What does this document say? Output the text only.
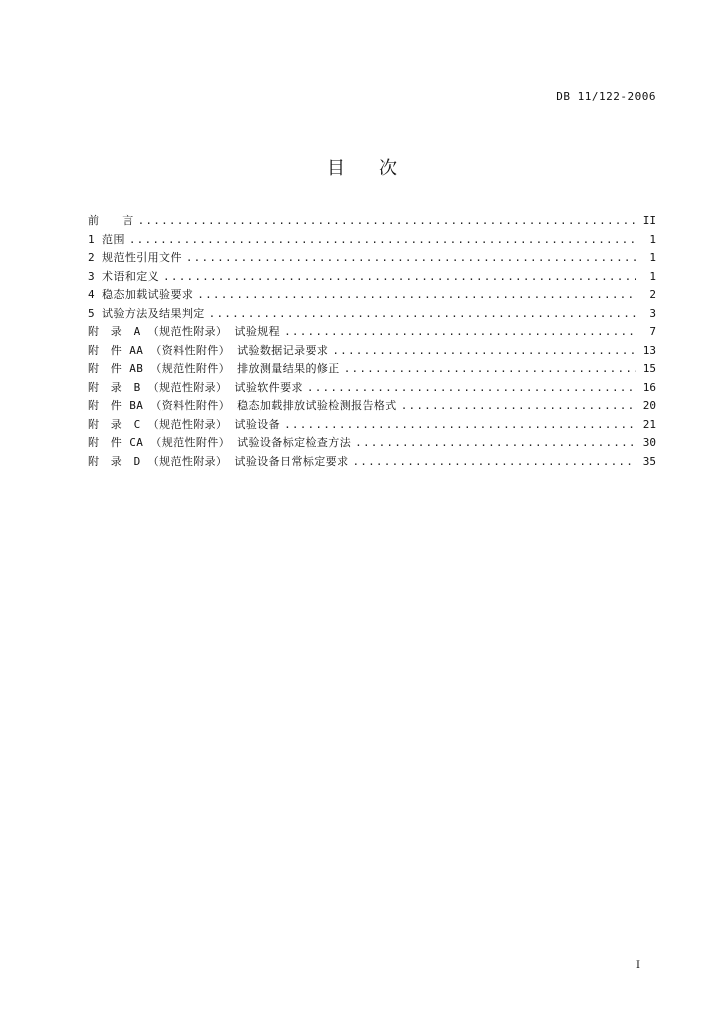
DB 11/122-2006
目 次
前　　言 .....	II
1 范围 .....	1
2 规范性引用文件 .....	1
3 术语和定义 .....	1
4 稳态加载试验要求 .....	2
5 试验方法及结果判定 .....	3
附　录　A （规范性附录） 试验规程 .....	7
附　件 AA （资料性附件） 试验数据记录要求 .....	13
附　件 AB （规范性附件） 排放测量结果的修正 .....	15
附　录　B （规范性附录） 试验软件要求 .....	16
附　件 BA （资料性附件） 稳态加载排放试验检测报告格式 .....	20
附　录　C （规范性附录） 试验设备 .....	21
附　件 CA （规范性附件） 试验设备标定检查方法 .....	30
附　录　D （规范性附录） 试验设备日常标定要求 .....	35
I
